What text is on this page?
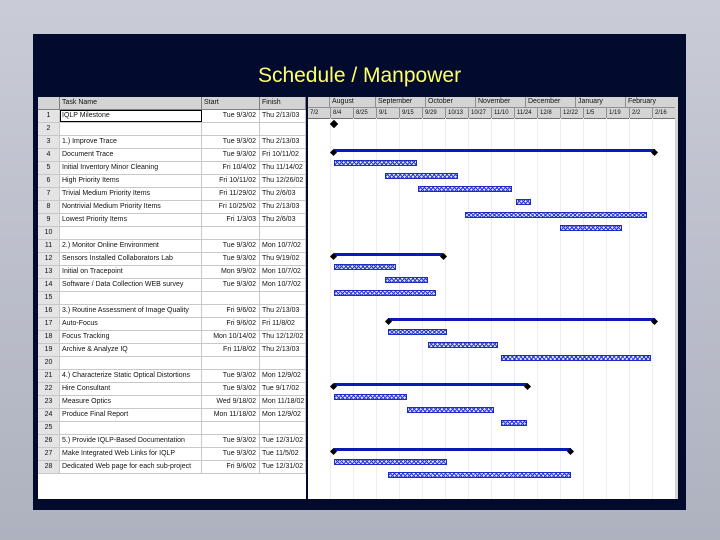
Schedule / Manpower
Task Name	Start	Finish
1	IQLP Milestone	Tue 9/3/02 Thu 2/13/03
2
3	1.) Improve Trace	Tue 9/3/02 Thu 2/13/03
4	Document Trace	Tue 9/3/02 Fri 10/11/02
5	Initial Inventory Minor Cleaning	Fri 10/4/02 Thu 11/14/02
6	High Priority Items	Fri 10/11/02 Thu 12/26/02
7	Trivial Medium Priority Items	Fri 11/29/02 Thu 2/6/03
8	Nontrivial Medium Priority Items	Fri 10/25/02 Thu 2/13/03
9	Lowest Priority Items	Fri 1/3/03 Thu 2/6/03
10
11	2.) Monitor Online Environment	Tue 9/3/02 Mon 10/7/02
12	Sensors Installed Collaborators Lab	Tue 9/3/02 Thu 9/19/02
13	Initial on Tracepoint	Mon 9/9/02 Mon 10/7/02
14	Software / Data Collection WEB survey	Tue 9/3/02 Mon 10/7/02
15
16	3.) Routine Assessment of Image Quality	Fri 9/6/02 Thu 2/13/03
17	Auto-Focus	Fri 9/6/02 Fri 11/8/02
18	Focus Tracking	Mon 10/14/02 Thu 12/12/02
19	Archive & Analyze IQ	Fri 11/8/02 Thu 2/13/03
20
21	4.) Characterize Static Optical Distortions	Tue 9/3/02 Mon 12/9/02
22	Hire Consultant	Tue 9/3/02 Tue 9/17/02
23	Measure Optics	Wed 9/18/02 Mon 11/18/02
24	Produce Final Report	Mon 11/18/02 Mon 12/9/02
25
26	5.) Provide IQLP-Based Documentation	Tue 9/3/02 Tue 12/31/02
27	Make Integrated Web Links for IQLP	Tue 9/3/02 Tue 11/5/02
28	Dedicated Web page for each sub-project	Fri 9/6/02 Tue 12/31/02
August	September	October	November	December	January	February
7/2	8/4	8/25	9/1	9/15	9/29	10/13	10/27	11/10	11/24	12/8	12/22	1/5	1/19	2/2	2/16
